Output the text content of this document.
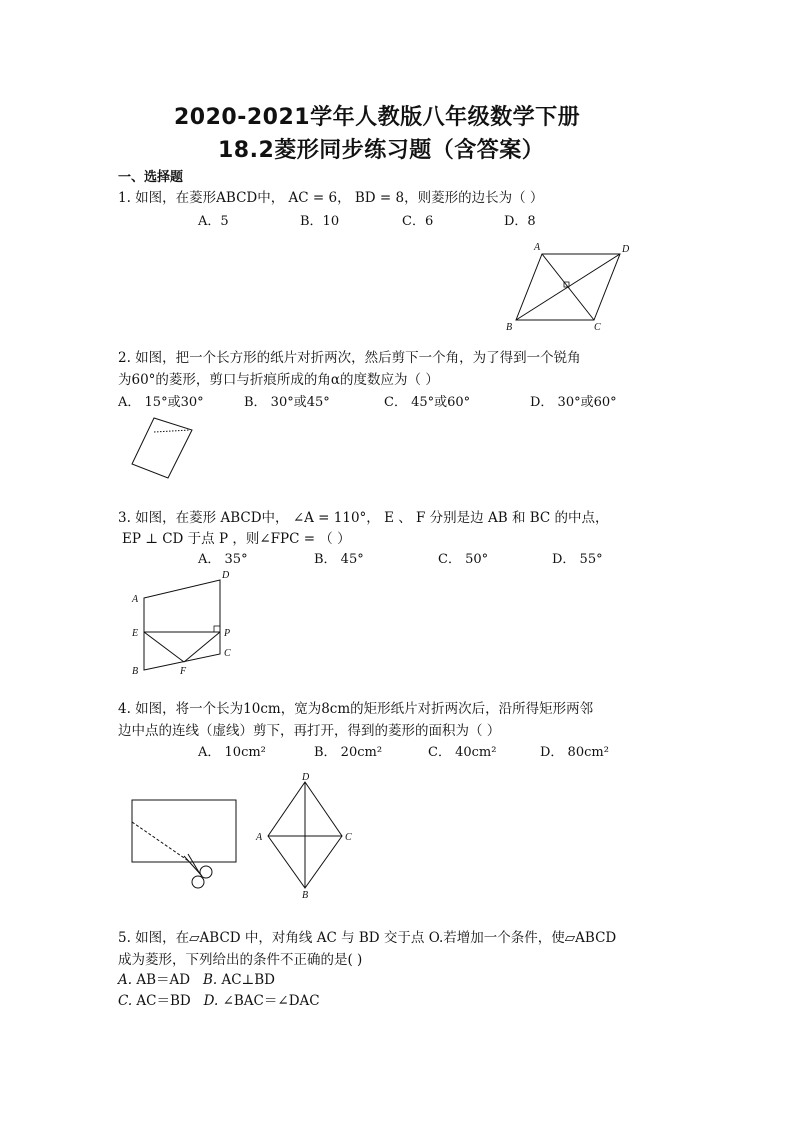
2020-2021学年人教版八年级数学下册
18.2菱形同步练习题（含答案）
一、选择题
1. 如图，在菱形ABCD中， AC = 6， BD = 8，则菱形的边长为（ ）
A．5	B．10	C．6	D．8
A	D
B	C
2. 如图，把一个长方形的纸片对折两次，然后剪下一个角，为了得到一个锐角
为60°的菱形，剪口与折痕所成的角α的度数应为（ ）
A． 15°或30°	B． 30°或45°	C． 45°或60°	D． 30°或60°
3. 如图，在菱形 ABCD中， ∠A = 110°， E 、 F 分别是边 AB 和 BC 的中点，
EP ⊥ CD 于点 P ，则∠FPC = （ ）
A． 35°	B． 45°	C． 50°	D． 55°
D
A
E	P
C
B	F
4. 如图，将一个长为10cm，宽为8cm的矩形纸片对折两次后，沿所得矩形两邻
边中点的连线（虚线）剪下，再打开，得到的菱形的面积为（ ）
A． 10cm²	B． 20cm²	C． 40cm²	D． 80cm²
D
A	C
B
5. 如图，在▱ABCD 中，对角线 AC 与 BD 交于点 O.若增加一个条件，使▱ABCD
成为菱形，下列给出的条件不正确的是( )
A. AB＝AD B. AC⊥BD
C. AC＝BD D. ∠BAC＝∠DAC
